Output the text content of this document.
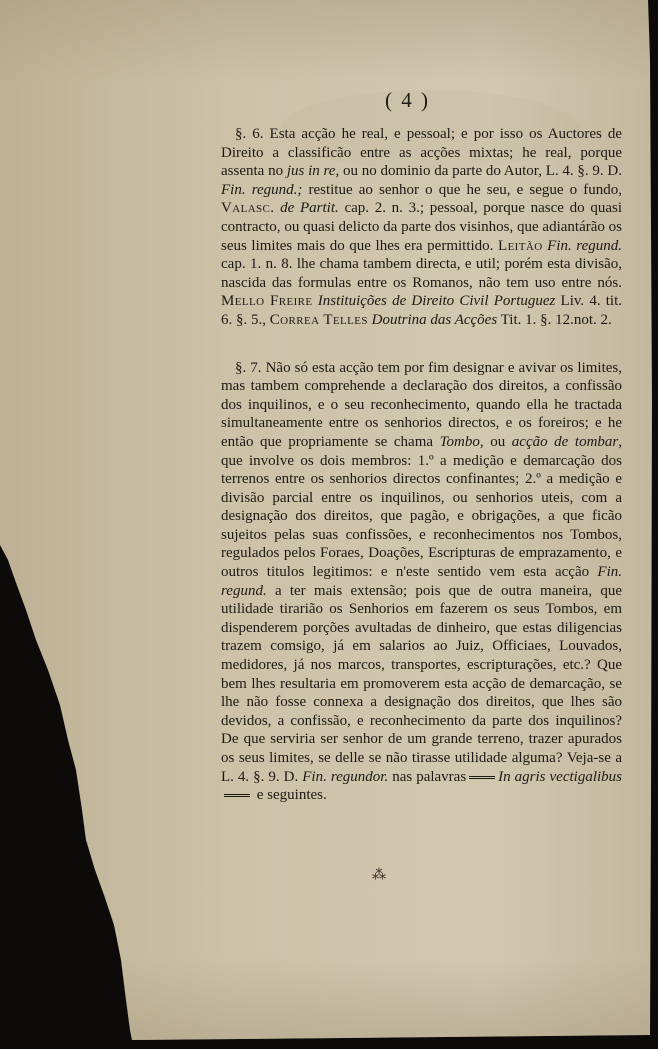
( 4 )

§. 6. Esta acção he real, e pessoal; e por isso os Auctores de Direito a classificão entre as acções mixtas; he real, porque assenta no jus in re, ou no dominio da parte do Autor, L. 4. §. 9. D. Fin. regund.; restitue ao senhor o que he seu, e segue o fundo, Valasc. de Partit. cap. 2. n. 3.; pessoal, porque nasce do quasi contracto, ou quasi delicto da parte dos visinhos, que adiantárão os seus limites mais do que lhes era permittido. Leitão Fin. regund. cap. 1. n. 8. lhe chama tambem directa, e util; porém esta divisão, nascida das formulas entre os Romanos, não tem uso entre nós. Mello Freire Instituições de Direito Civil Portuguez Liv. 4. tit. 6. §. 5., Correa Telles Doutrina das Acções Tit. 1. §. 12.not. 2.

§. 7. Não só esta acção tem por fim designar e avivar os limites, mas tambem comprehende a declaração dos direitos, a confissão dos inquilinos, e o seu reconhecimento, quando ella he tractada simultaneamente entre os senhorios directos, e os foreiros; e he então que propriamente se chama Tombo, ou acção de tombar, que involve os dois membros: 1.º a medição e demarcação dos terrenos entre os senhorios directos confinantes; 2.º a medição e divisão parcial entre os inquilinos, ou senhorios uteis, com a designação dos direitos, que pagão, e obrigações, a que ficão sujeitos pelas suas confissões, e reconhecimentos nos Tombos, regulados pelos Foraes, Doações, Escripturas de emprazamento, e outros titulos legitimos: e n'este sentido vem esta acção Fin. regund. a ter mais extensão; pois que de outra maneira, que utilidade tirarião os Senhorios em fazerem os seus Tombos, em dispenderem porções avultadas de dinheiro, que estas diligencias trazem comsigo, já em salarios ao Juiz, Officiaes, Louvados, medidores, já nos marcos, transportes, escripturações, etc.? Que bem lhes resultaria em promoverem esta acção de demarcação, se lhe não fosse connexa a designação dos direitos, que lhes são devidos, a confissão, e reconhecimento da parte dos inquilinos? De que serviria ser senhor de um grande terreno, trazer apurados os seus limites, se delle se não tirasse utilidade alguma? Veja-se a L. 4. §. 9. D. Fin. regundor. nas palavras In agris vectigalibus e seguintes.

⁂
